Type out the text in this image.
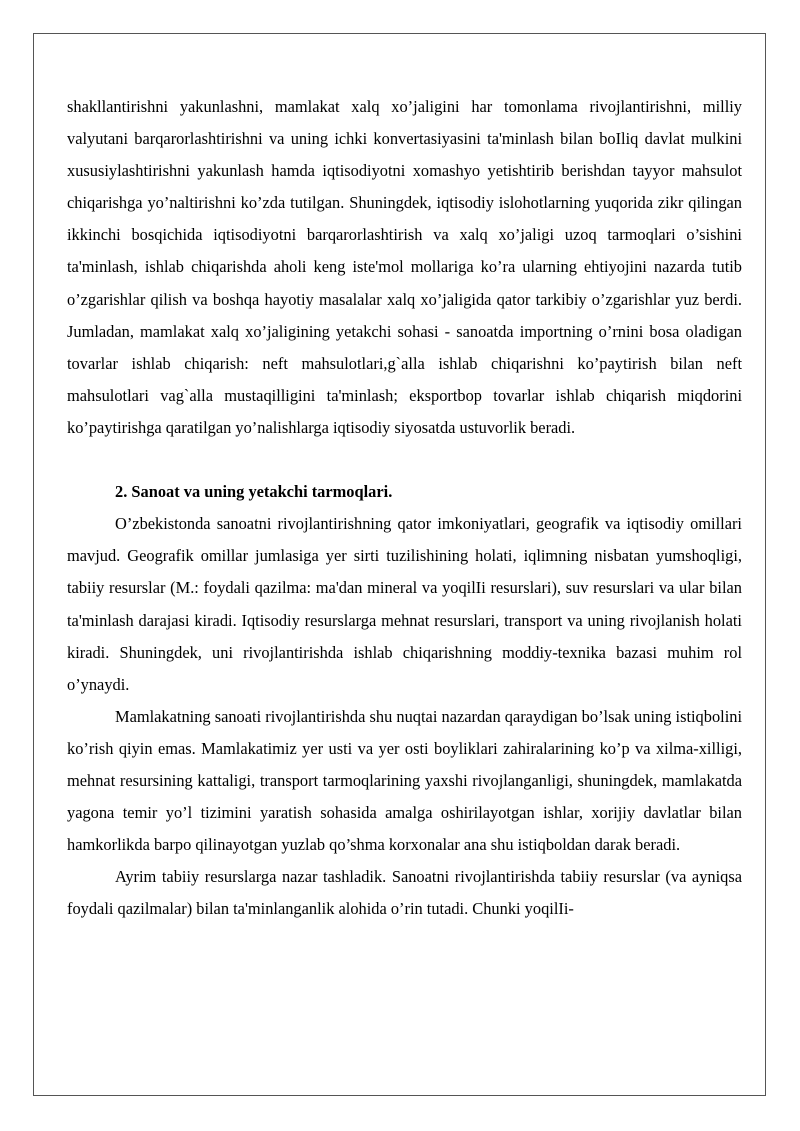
shakllantirishni yakunlashni, mamlakat xalq xo’jaligini har tomonlama rivojlantirishni, milliy valyutani barqarorlashtirishni va uning ichki konvertasiyasini ta'minlash bilan boIliq davlat mulkini xususiylashtirishni yakunlash hamda iqtisodiyotni xomashyo yetishtirib berishdan tayyor mahsulot chiqarishga yo’naltirishni ko’zda tutilgan. Shuningdek, iqtisodiy islohotlarning yuqorida zikr qilingan ikkinchi bosqichida iqtisodiyotni barqarorlashtirish va xalq xo’jaligi uzoq tarmoqlari o’sishini ta'minlash, ishlab chiqarishda aholi keng iste'mol mollariga ko’ra ularning ehtiyojini nazarda tutib o’zgarishlar qilish va boshqa hayotiy masalalar xalq xo’jaligida qator tarkibiy o’zgarishlar yuz berdi. Jumladan, mamlakat xalq xo’jaligining yetakchi sohasi - sanoatda importning o’rnini bosa oladigan tovarlar ishlab chiqarish: neft mahsulotlari,g`alla ishlab chiqarishni ko’paytirish bilan neft mahsulotlari vag`alla mustaqilligini ta'minlash; eksportbop tovarlar ishlab chiqarish miqdorini ko’paytirishga qaratilgan yo’nalishlarga iqtisodiy siyosatda ustuvorlik beradi.

2. Sanoat va uning yetakchi tarmoqlari.

O’zbekistonda sanoatni rivojlantirishning qator imkoniyatlari, geografik va iqtisodiy omillari mavjud. Geografik omillar jumlasiga yer sirti tuzilishining holati, iqlimning nisbatan yumshoqligi, tabiiy resurslar (M.: foydali qazilma: ma'dan mineral va yoqilIi resurslari), suv resurslari va ular bilan ta'minlash darajasi kiradi. Iqtisodiy resurslarga mehnat resurslari, transport va uning rivojlanish holati kiradi. Shuningdek, uni rivojlantirishda ishlab chiqarishning moddiy-texnika bazasi muhim rol o’ynaydi.

Mamlakatning sanoati rivojlantirishda shu nuqtai nazardan qaraydigan bo’lsak uning istiqbolini ko’rish qiyin emas. Mamlakatimiz yer usti va yer osti boyliklari zahiralarining ko’p va xilma-xilligi, mehnat resursining kattaligi, transport tarmoqlarining yaxshi rivojlanganligi, shuningdek, mamlakatda yagona temir yo’l tizimini yaratish sohasida amalga oshirilayotgan ishlar, xorijiy davlatlar bilan hamkorlikda barpo qilinayotgan yuzlab qo’shma korxonalar ana shu istiqboldan darak beradi.

Ayrim tabiiy resurslarga nazar tashladik. Sanoatni rivojlantirishda tabiiy resurslar (va ayniqsa foydali qazilmalar) bilan ta'minlanganlik alohida o’rin tutadi. Chunki yoqilIi-
